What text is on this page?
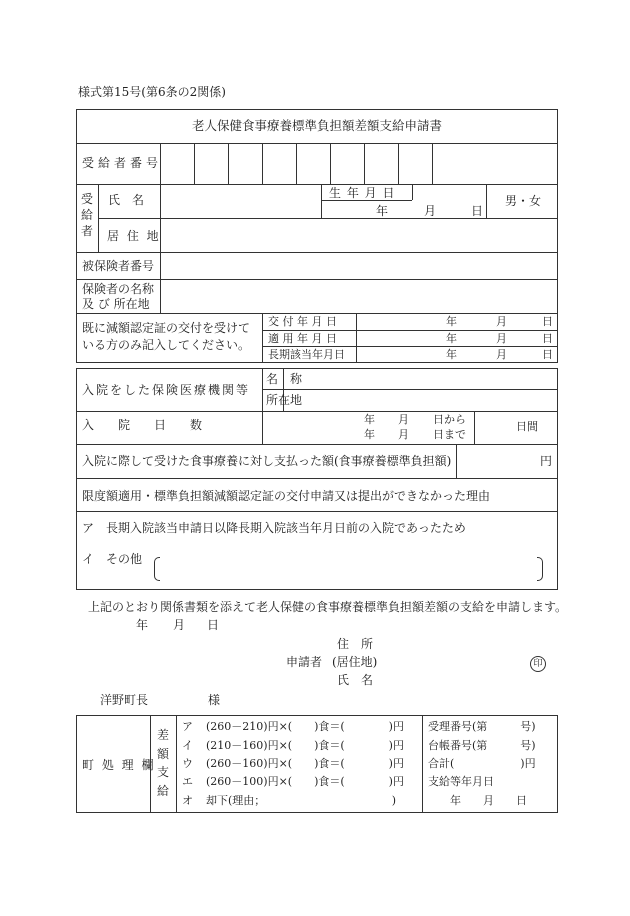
様式第15号(第6条の2関係)
老人保健食事療養標準負担額差額支給申請書
受給者番号
受給者
氏　名	生 年 月 日
年	月	日
男・女
居 住 地
被保険者番号
保険者の名称
及 び 所在地
既に減額認定証の交付を受けて
いる方のみ記入してください。
交 付 年 月 日	年	月	日
適 用 年 月 日	年	月	日
長期該当年月日	年	月	日
入院をした保険医療機関等
名　称
所在地
入　　院　　日　　数	年 月 日から
年 月 日まで
日間
入院に際して受けた食事療養に対し支払った額(食事療養標準負担額)	円
限度額適用・標準負担額減額認定証の交付申請又は提出ができなかった理由
ア　長期入院該当申請日以降長期入院該当年月日前の入院であったため
イ　その他
上記のとおり関係書類を添えて老人保健の食事療養標準負担額差額の支給を申請します。
年 月 日
住　所
申請者 (居住地)	印
氏　名
洋野町長	様
町 処 理 欄
差額支給
ア (260－210)円×(　　)食＝(　　　　)円
イ (210－160)円×(　　)食＝(　　　　)円
ウ (260－160)円×(　　)食＝(　　　　)円
エ (260－100)円×(　　)食＝(　　　　)円
オ 却下(理由；　　　　　　　　　　　　)
受理番号(第　　　号)
台帳番号(第　　　号)
合計(　　　　　　)円
支給等年月日
年　　月　　日
